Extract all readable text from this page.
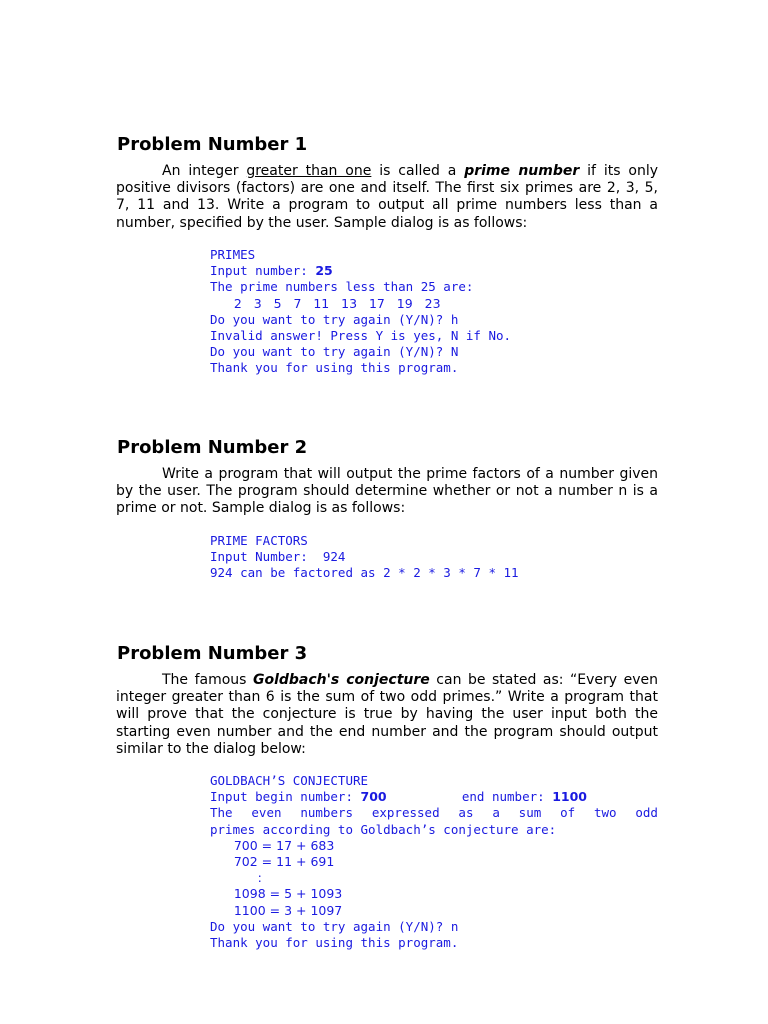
Problem Number 1

An integer greater than one is called a prime number if its only positive divisors (factors) are one and itself. The first six primes are 2, 3, 5, 7, 11 and 13. Write a program to output all prime numbers less than a number, specified by the user. Sample dialog is as follows:

PRIMES
Input number: 25
The prime numbers less than 25 are:
2   3   5   7   11   13   17   19   23
Do you want to try again (Y/N)? h
Invalid answer! Press Y is yes, N if No.
Do you want to try again (Y/N)? N
Thank you for using this program.
Problem Number 2

Write a program that will output the prime factors of a number given by the user. The program should determine whether or not a number n is a prime or not. Sample dialog is as follows:

PRIME FACTORS
Input Number:  924
924 can be factored as 2 * 2 * 3 * 7 * 11
Problem Number 3

The famous Goldbach's conjecture can be stated as: “Every even integer greater than 6 is the sum of two odd primes.” Write a program that will prove that the conjecture is true by having the user input both the starting even number and the end number and the program should output similar to the dialog below:

GOLDBACH’S CONJECTURE
Input begin number: 700          end number: 1100
The even numbers expressed as a sum of two odd
primes according to Goldbach’s conjecture are:
700 = 17 + 683
702 = 11 + 691
:
1098 = 5 + 1093
1100 = 3 + 1097
Do you want to try again (Y/N)? n
Thank you for using this program.
